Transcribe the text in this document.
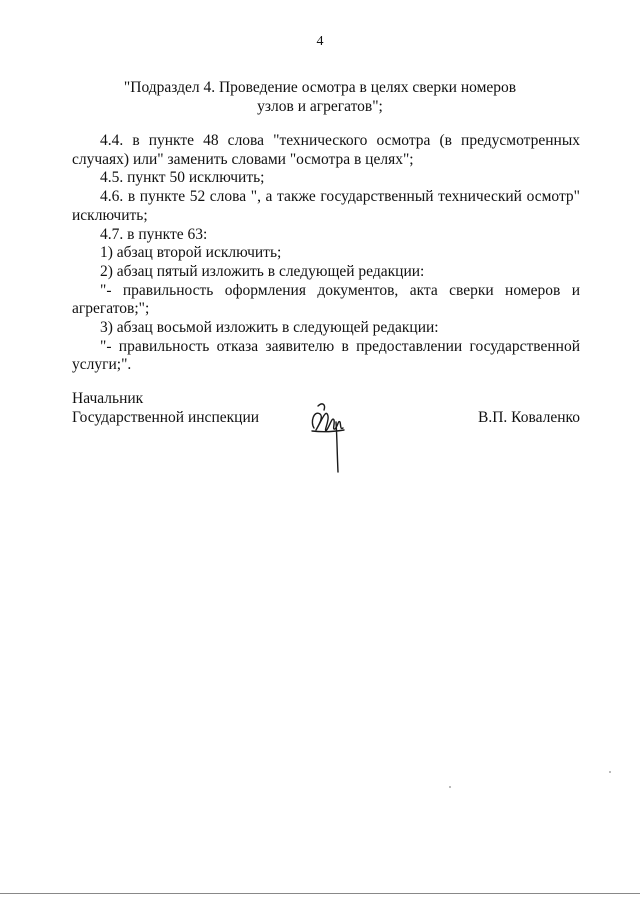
4
"Подраздел 4. Проведение осмотра в целях сверки номеров
узлов и агрегатов";

4.4. в пункте 48 слова "технического осмотра (в предусмотренных случаях) или" заменить словами "осмотра в целях";

4.5. пункт 50 исключить;

4.6. в пункте 52 слова ", а также государственный технический осмотр" исключить;

4.7. в пункте 63:

1) абзац второй исключить;

2) абзац пятый изложить в следующей редакции:

"- правильность оформления документов, акта сверки номеров и агрегатов;";

3) абзац восьмой изложить в следующей редакции:

"- правильность отказа заявителю в предоставлении государственной услуги;".

Начальник
Государственной инспекции	В.П. Коваленко
